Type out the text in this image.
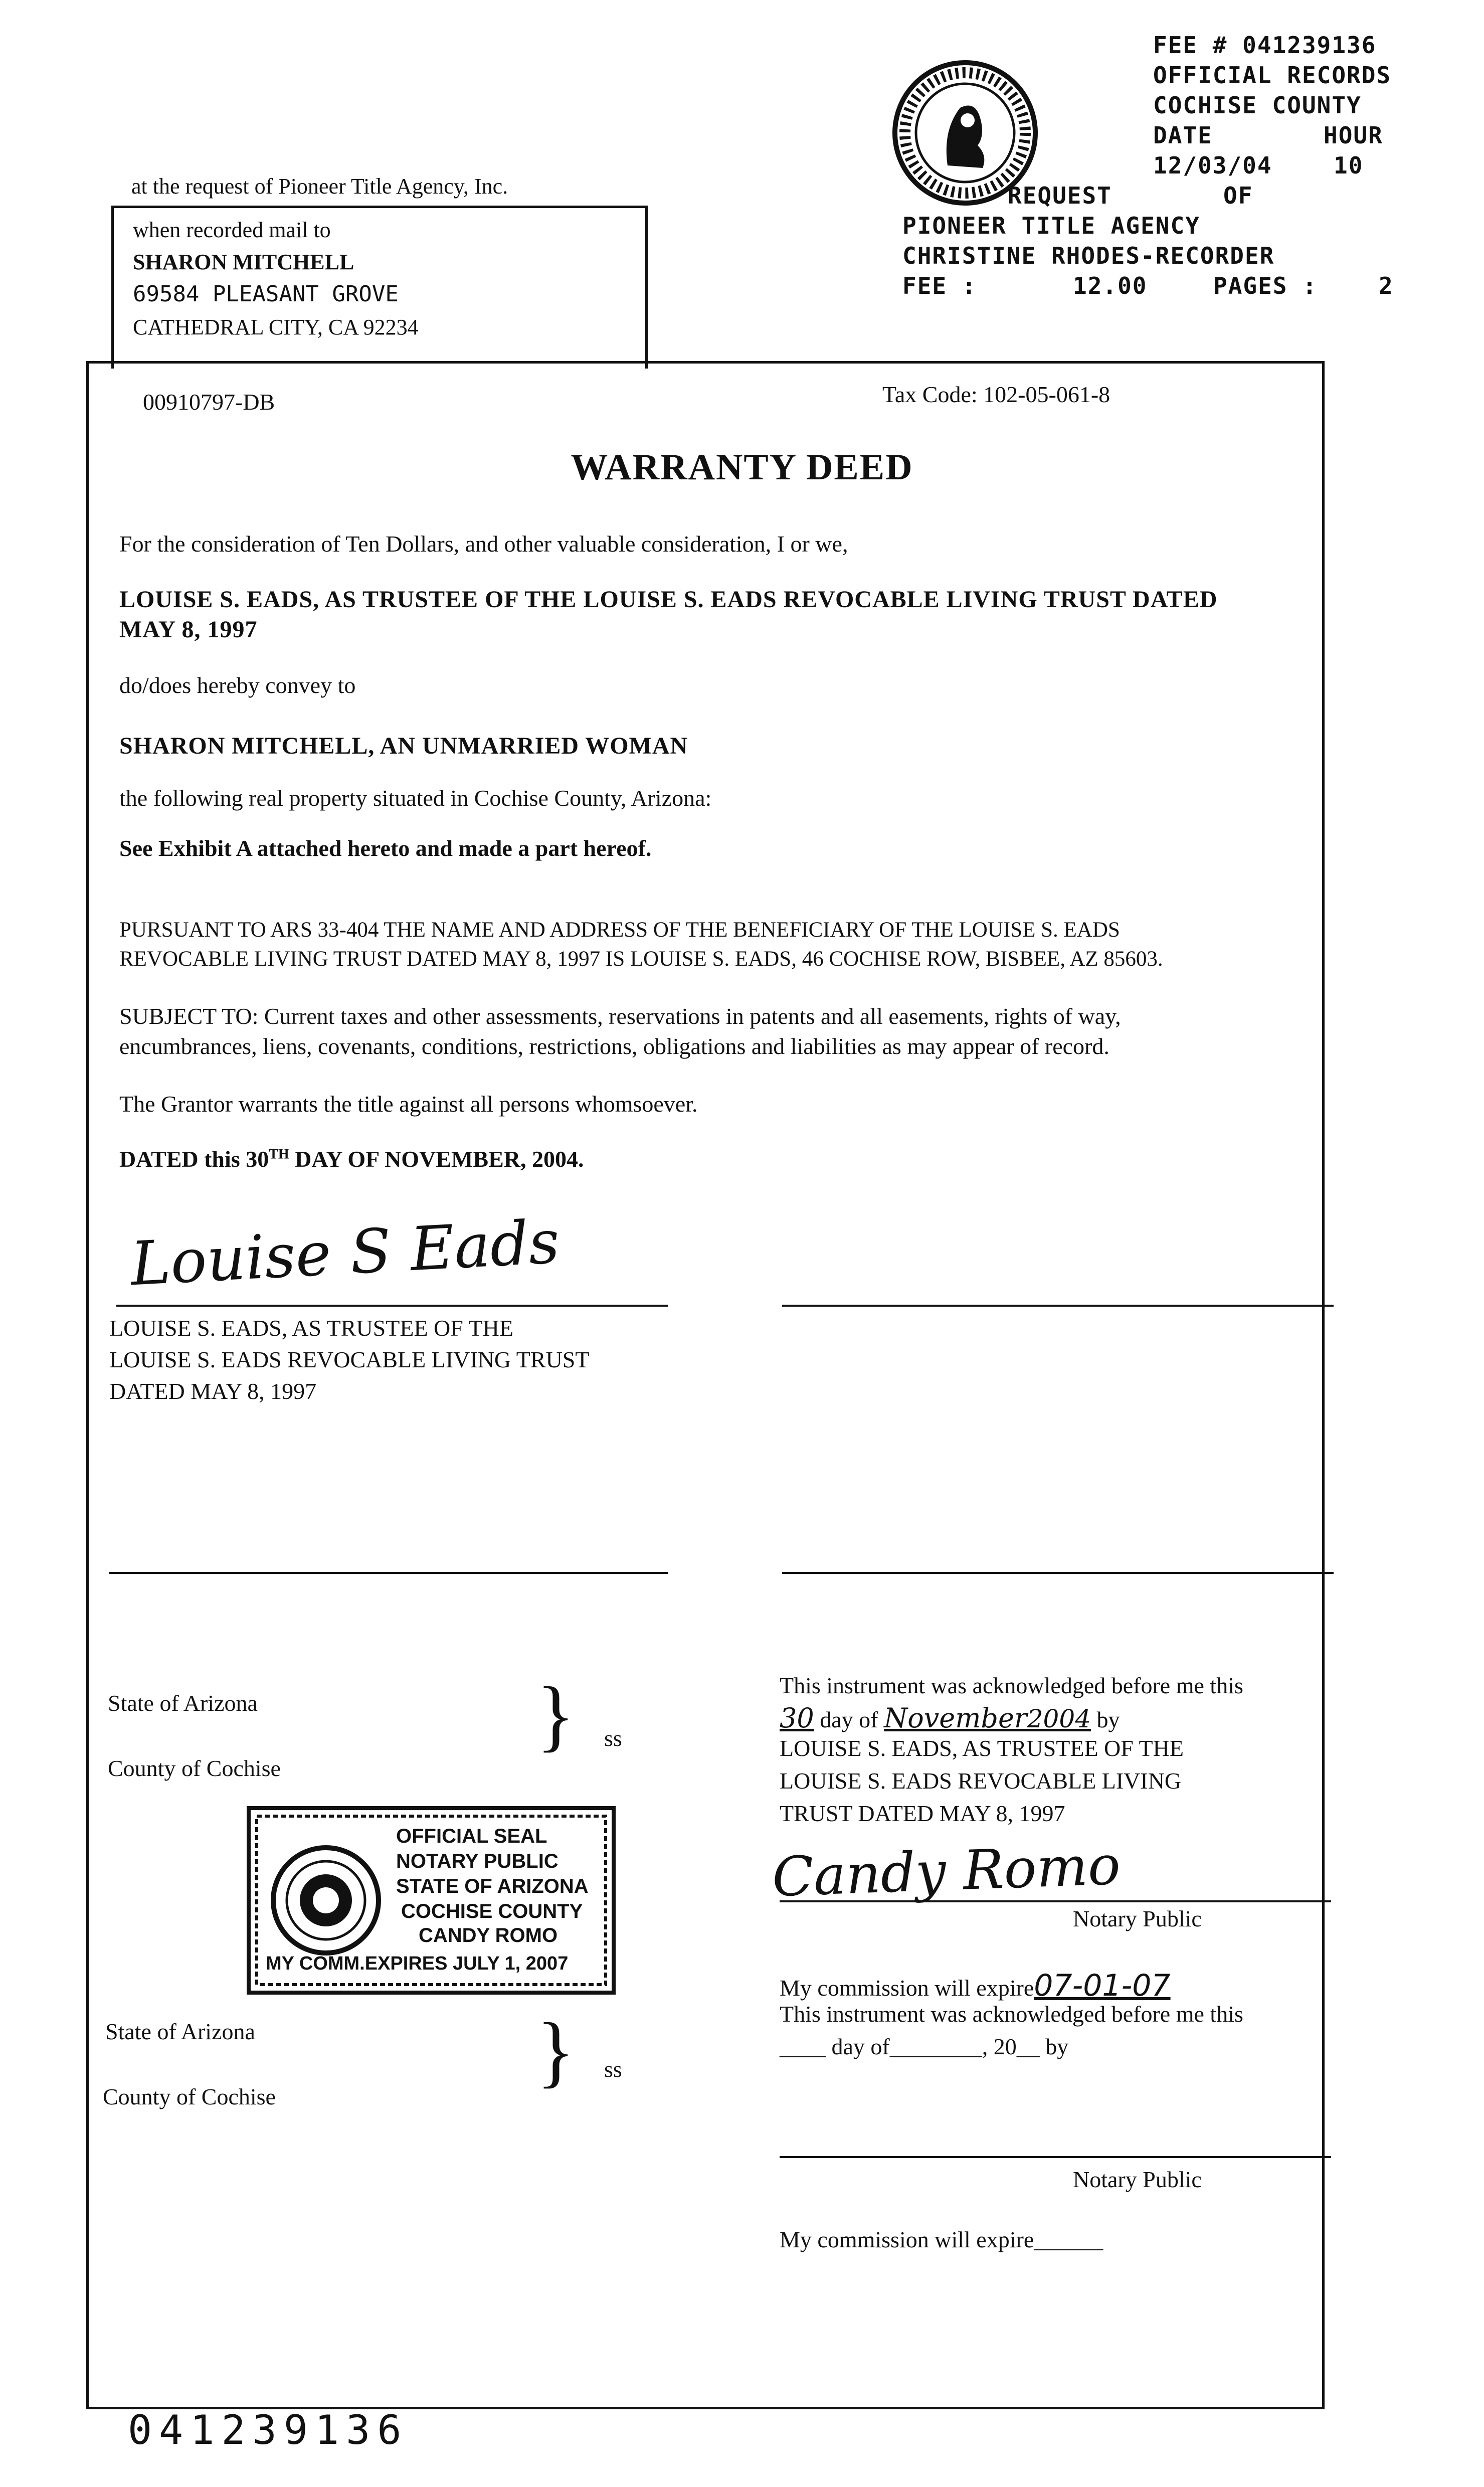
FEE # 041239136
OFFICIAL RECORDS
COCHISE COUNTY
DATE	HOUR
12/03/04	10
REQUEST	OF
PIONEER TITLE AGENCY
CHRISTINE RHODES-RECORDER
FEE :	12.00	PAGES :	2
at the request of Pioneer Title Agency, Inc.
when recorded mail to
SHARON MITCHELL
69584 PLEASANT GROVE
CATHEDRAL CITY, CA 92234
00910797-DB	Tax Code: 102-05-061-8
WARRANTY DEED
For the consideration of Ten Dollars, and other valuable consideration, I or we,
LOUISE S. EADS, AS TRUSTEE OF THE LOUISE S. EADS REVOCABLE LIVING TRUST DATED
MAY 8, 1997
do/does hereby convey to
SHARON MITCHELL, AN UNMARRIED WOMAN
the following real property situated in Cochise County, Arizona:
See Exhibit A attached hereto and made a part hereof.
PURSUANT TO ARS 33-404 THE NAME AND ADDRESS OF THE BENEFICIARY OF THE LOUISE S. EADS
REVOCABLE LIVING TRUST DATED MAY 8, 1997 IS LOUISE S. EADS, 46 COCHISE ROW, BISBEE, AZ 85603.
SUBJECT TO: Current taxes and other assessments, reservations in patents and all easements, rights of way,
encumbrances, liens, covenants, conditions, restrictions, obligations and liabilities as may appear of record.
The Grantor warrants the title against all persons whomsoever.
DATED this 30TH DAY OF NOVEMBER, 2004.
Louise S Eads
LOUISE S. EADS, AS TRUSTEE OF THE
LOUISE S. EADS REVOCABLE LIVING TRUST
DATED MAY 8, 1997
State of Arizona
County of Cochise
} ss
This instrument was acknowledged before me this
30 day of November2004 by
LOUISE S. EADS, AS TRUSTEE OF THE
LOUISE S. EADS REVOCABLE LIVING
TRUST DATED MAY 8, 1997
Candy Romo
Notary Public
My commission will expire07-01-07
OFFICIAL SEAL
NOTARY PUBLIC
STATE OF ARIZONA
COCHISE COUNTY
CANDY ROMO
MY COMM.EXPIRES JULY 1, 2007
This instrument was acknowledged before me this
____ day of________, 20__ by
State of Arizona
County of Cochise
} ss
Notary Public
My commission will expire______
041239136
